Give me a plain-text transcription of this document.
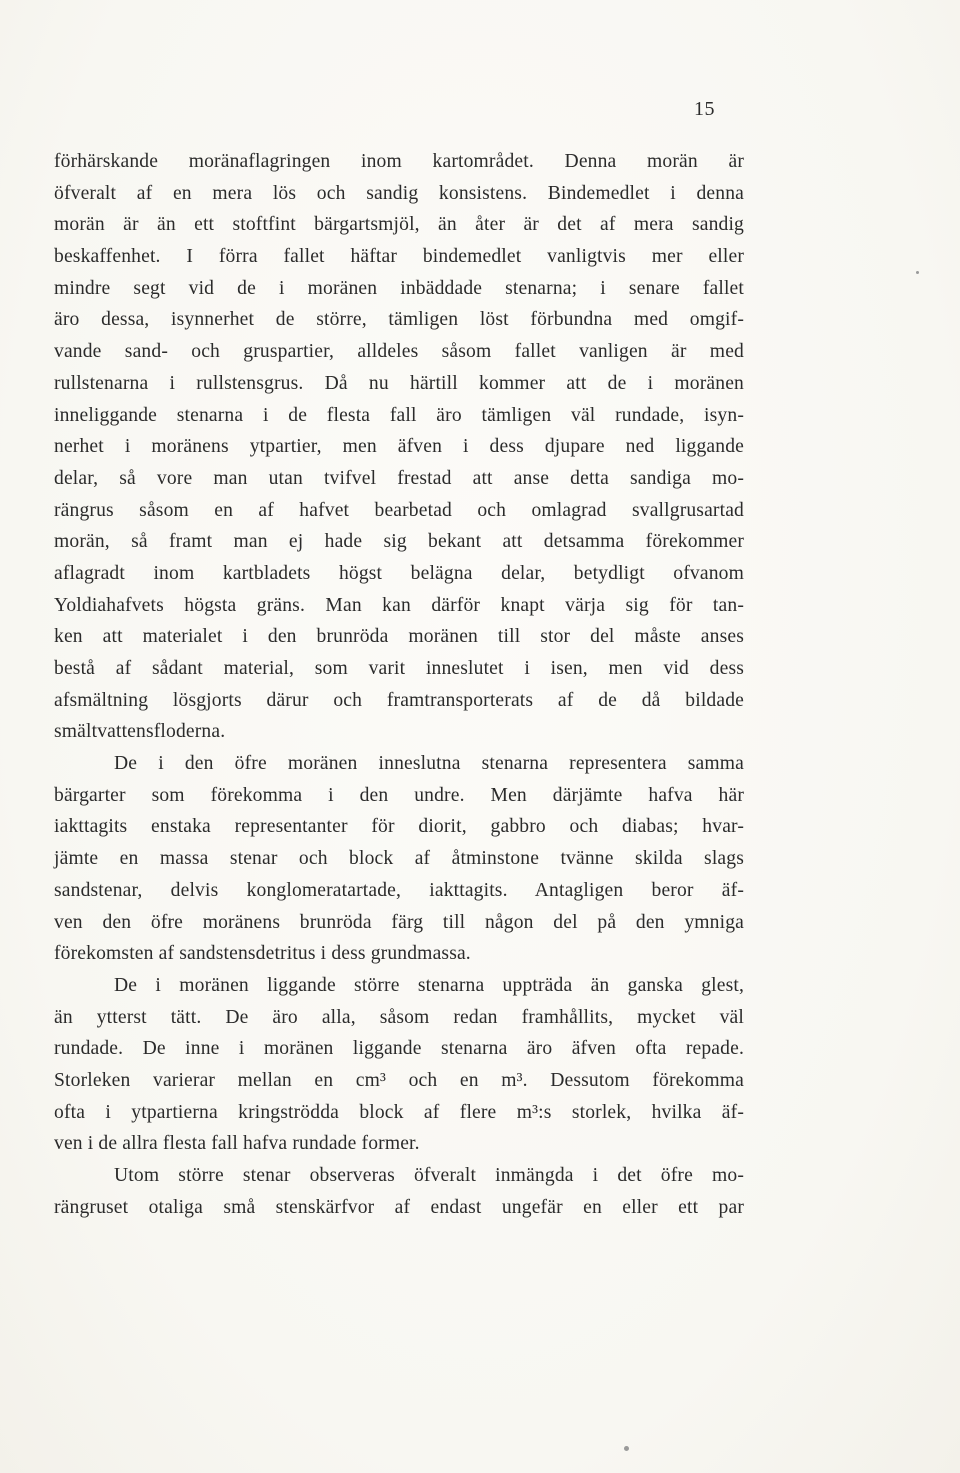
15
förhärskande moränaflagringen inom kartområdet. Denna morän är
öfveralt af en mera lös och sandig konsistens. Bindemedlet i denna
morän är än ett stoftfint bärgartsmjöl, än åter är det af mera sandig
beskaffenhet. I förra fallet häftar bindemedlet vanligtvis mer eller
mindre segt vid de i moränen inbäddade stenarna; i senare fallet
äro dessa, isynnerhet de större, tämligen löst förbundna med omgif-
vande sand- och gruspartier, alldeles såsom fallet vanligen är med
rullstenarna i rullstensgrus. Då nu härtill kommer att de i moränen
inneliggande stenarna i de flesta fall äro tämligen väl rundade, isyn-
nerhet i moränens ytpartier, men äfven i dess djupare ned liggande
delar, så vore man utan tvifvel frestad att anse detta sandiga mo-
rängrus såsom en af hafvet bearbetad och omlagrad svallgrusartad
morän, så framt man ej hade sig bekant att detsamma förekommer
aflagradt inom kartbladets högst belägna delar, betydligt ofvanom
Yoldiahafvets högsta gräns. Man kan därför knapt värja sig för tan-
ken att materialet i den brunröda moränen till stor del måste anses
bestå af sådant material, som varit inneslutet i isen, men vid dess
afsmältning lösgjorts därur och framtransporterats af de då bildade
smältvattensfloderna.
De i den öfre moränen inneslutna stenarna representera samma
bärgarter som förekomma i den undre. Men därjämte hafva här
iakttagits enstaka representanter för diorit, gabbro och diabas; hvar-
jämte en massa stenar och block af åtminstone tvänne skilda slags
sandstenar, delvis konglomeratartade, iakttagits. Antagligen beror äf-
ven den öfre moränens brunröda färg till någon del på den ymniga
förekomsten af sandstensdetritus i dess grundmassa.
De i moränen liggande större stenarna uppträda än ganska glest,
än ytterst tätt. De äro alla, såsom redan framhållits, mycket väl
rundade. De inne i moränen liggande stenarna äro äfven ofta repade.
Storleken varierar mellan en cm³ och en m³. Dessutom förekomma
ofta i ytpartierna kringströdda block af flere m³:s storlek, hvilka äf-
ven i de allra flesta fall hafva rundade former.
Utom större stenar observeras öfveralt inmängda i det öfre mo-
rängruset otaliga små stenskärfvor af endast ungefär en eller ett par
